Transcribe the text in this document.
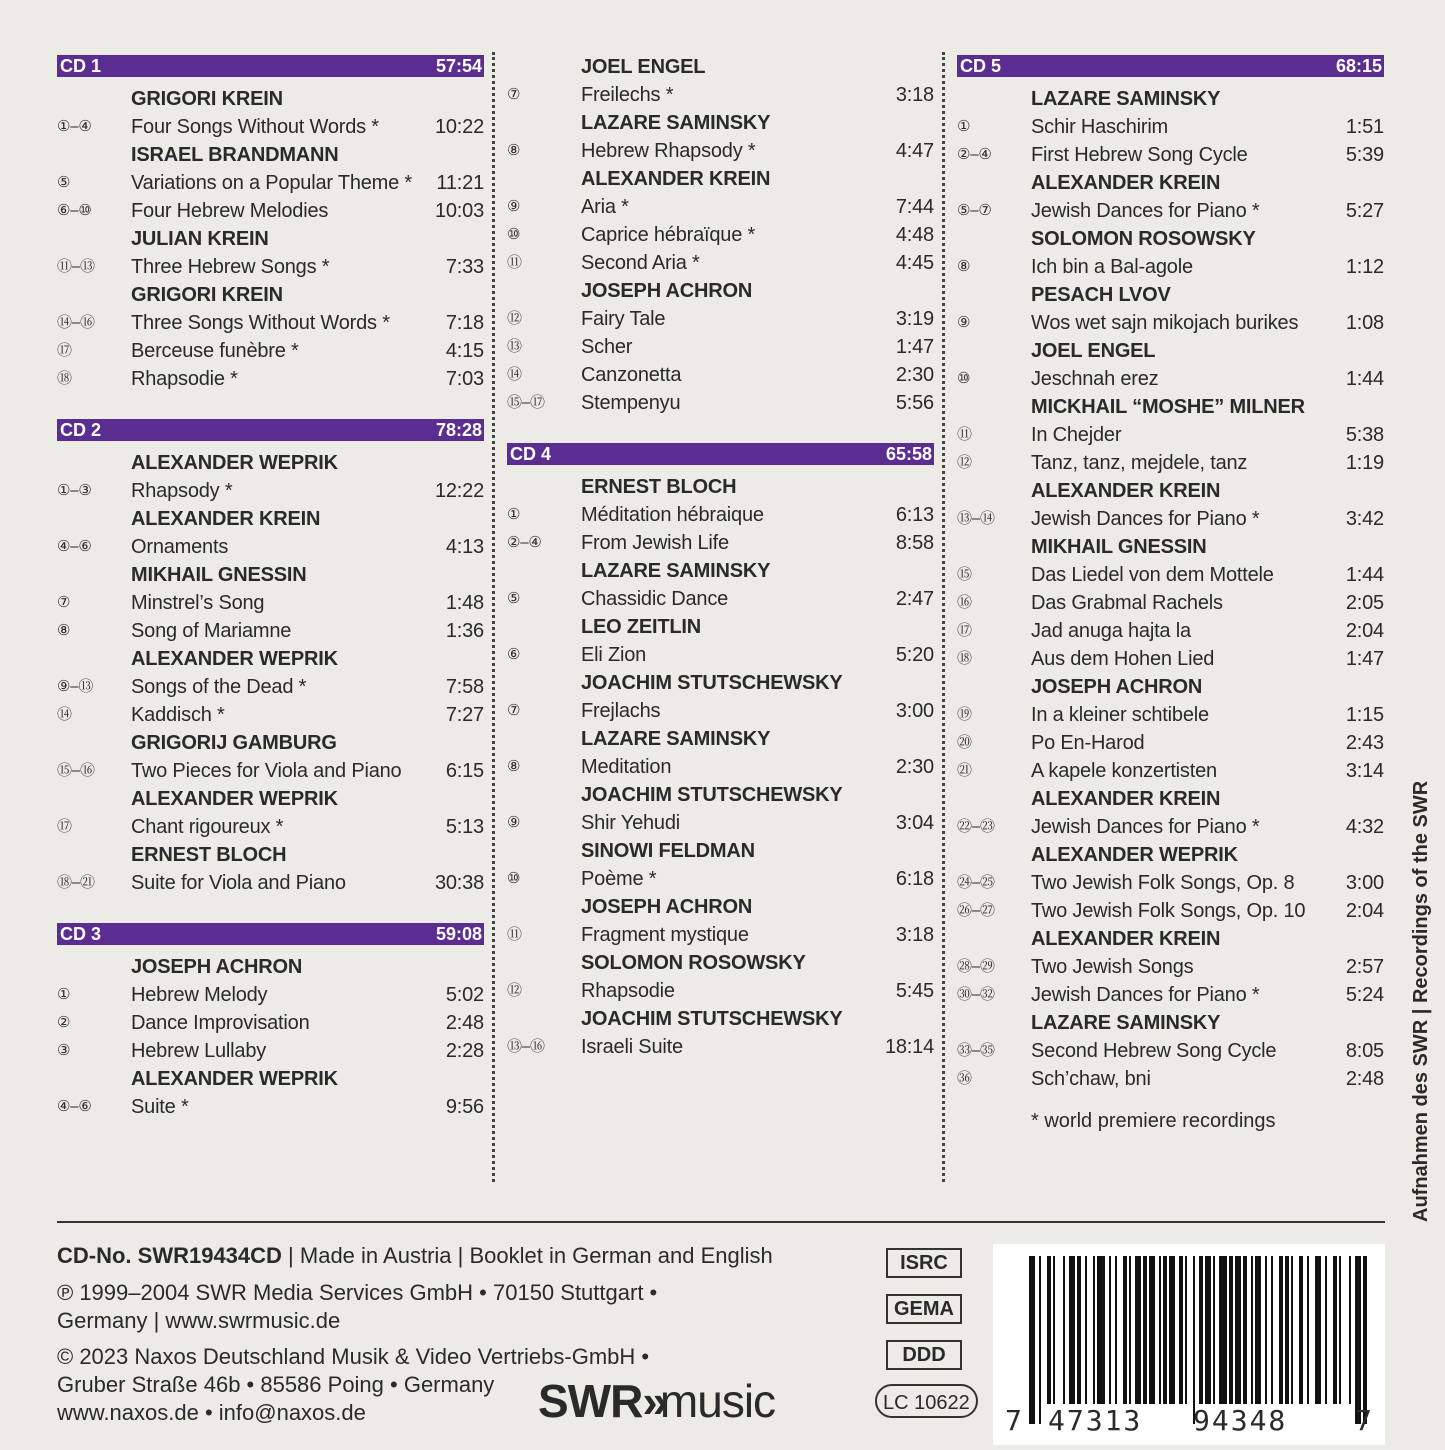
CD 1	57:54
GRIGORI KREIN
①–④	Four Songs Without Words *	10:22
ISRAEL BRANDMANN
⑤	Variations on a Popular Theme *	11:21
⑥–⑩	Four Hebrew Melodies	10:03
JULIAN KREIN
⑪–⑬	Three Hebrew Songs *	7:33
GRIGORI KREIN
⑭–⑯	Three Songs Without Words *	7:18
⑰	Berceuse funèbre *	4:15
⑱	Rhapsodie *	7:03
CD 2	78:28
ALEXANDER WEPRIK
①–③	Rhapsody *	12:22
ALEXANDER KREIN
④–⑥	Ornaments	4:13
MIKHAIL GNESSIN
⑦	Minstrel’s Song	1:48
⑧	Song of Mariamne	1:36
ALEXANDER WEPRIK
⑨–⑬	Songs of the Dead *	7:58
⑭	Kaddisch *	7:27
GRIGORIJ GAMBURG
⑮–⑯	Two Pieces for Viola and Piano	6:15
ALEXANDER WEPRIK
⑰	Chant rigoureux *	5:13
ERNEST BLOCH
⑱–㉑	Suite for Viola and Piano	30:38
CD 3	59:08
JOSEPH ACHRON
①	Hebrew Melody	5:02
②	Dance Improvisation	2:48
③	Hebrew Lullaby	2:28
ALEXANDER WEPRIK
④–⑥	Suite *	9:56
JOEL ENGEL
⑦	Freilechs *	3:18
LAZARE SAMINSKY
⑧	Hebrew Rhapsody *	4:47
ALEXANDER KREIN
⑨	Aria *	7:44
⑩	Caprice hébraïque *	4:48
⑪	Second Aria *	4:45
JOSEPH ACHRON
⑫	Fairy Tale	3:19
⑬	Scher	1:47
⑭	Canzonetta	2:30
⑮–⑰	Stempenyu	5:56
CD 4	65:58
ERNEST BLOCH
①	Méditation hébraique	6:13
②–④	From Jewish Life	8:58
LAZARE SAMINSKY
⑤	Chassidic Dance	2:47
LEO ZEITLIN
⑥	Eli Zion	5:20
JOACHIM STUTSCHEWSKY
⑦	Frejlachs	3:00
LAZARE SAMINSKY
⑧	Meditation	2:30
JOACHIM STUTSCHEWSKY
⑨	Shir Yehudi	3:04
SINOWI FELDMAN
⑩	Poème *	6:18
JOSEPH ACHRON
⑪	Fragment mystique	3:18
SOLOMON ROSOWSKY
⑫	Rhapsodie	5:45
JOACHIM STUTSCHEWSKY
⑬–⑯	Israeli Suite	18:14
CD 5	68:15
LAZARE SAMINSKY
①	Schir Haschirim	1:51
②–④	First Hebrew Song Cycle	5:39
ALEXANDER KREIN
⑤–⑦	Jewish Dances for Piano *	5:27
SOLOMON ROSOWSKY
⑧	Ich bin a Bal-agole	1:12
PESACH LVOV
⑨	Wos wet sajn mikojach burikes	1:08
JOEL ENGEL
⑩	Jeschnah erez	1:44
MICKHAIL “MOSHE” MILNER
⑪	In Chejder	5:38
⑫	Tanz, tanz, mejdele, tanz	1:19
ALEXANDER KREIN
⑬–⑭	Jewish Dances for Piano *	3:42
MIKHAIL GNESSIN
⑮	Das Liedel von dem Mottele	1:44
⑯	Das Grabmal Rachels	2:05
⑰	Jad anuga hajta la	2:04
⑱	Aus dem Hohen Lied	1:47
JOSEPH ACHRON
⑲	In a kleiner schtibele	1:15
⑳	Po En-Harod	2:43
㉑	A kapele konzertisten	3:14
ALEXANDER KREIN
㉒–㉓	Jewish Dances for Piano *	4:32
ALEXANDER WEPRIK
㉔–㉕	Two Jewish Folk Songs, Op. 8	3:00
㉖–㉗	Two Jewish Folk Songs, Op. 10	2:04
ALEXANDER KREIN
㉘–㉙	Two Jewish Songs	2:57
㉚–㉜	Jewish Dances for Piano *	5:24
LAZARE SAMINSKY
㉝–㉟	Second Hebrew Song Cycle	8:05
㊱	Sch’chaw, bni	2:48
* world premiere recordings
CD-No. SWR19434CD | Made in Austria | Booklet in German and English
℗ 1999–2004 SWR Media Services GmbH • 70150 Stuttgart •
Germany | www.swrmusic.de
© 2023 Naxos Deutschland Musik & Video Vertriebs-GmbH •
Gruber Straße 46b • 85586 Poing • Germany
www.naxos.de • info@naxos.de	SWR»music
ISRC
GEMA
DDD
LC 10622
7 47313 94348 7
Aufnahmen des SWR | Recordings of the SWR
